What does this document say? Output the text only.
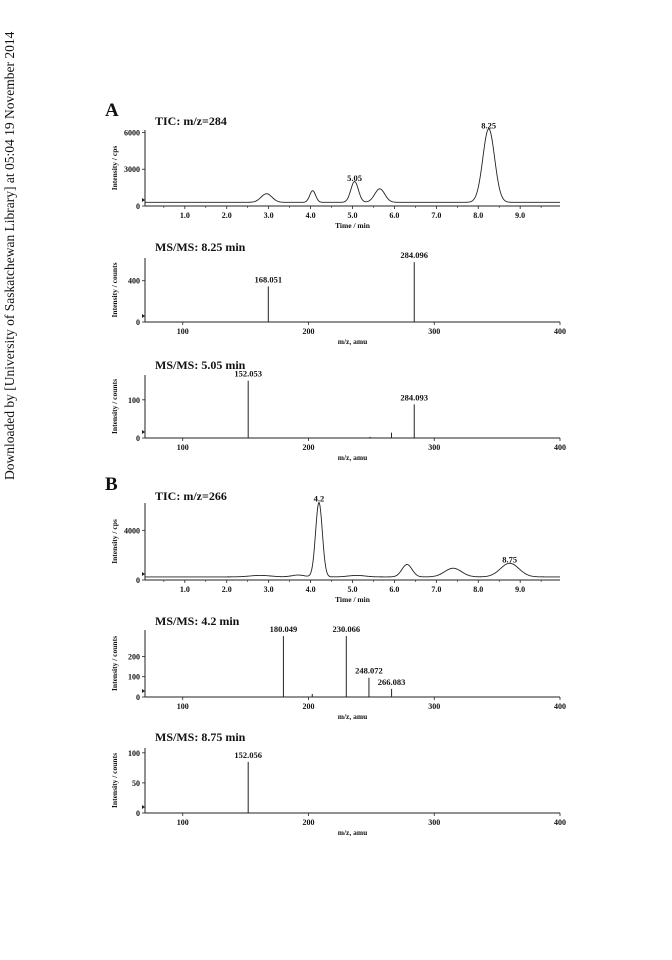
Downloaded by [University of Saskatchewan Library] at 05:04 19 November 2014	A
B
TIC: m/z=284
1.0	2.0	3.0	4.0	5.0	6.0	7.0	8.0	9.0
0
3000
6000
Time / min
Intensity / cps	5.05
8.25
MS/MS: 8.25 min
100	200	300	400
0
400
m/z, amu
Intensity / counts	168.051
284.096
MS/MS: 5.05 min
100	200	300	400
0
100
m/z, amu
Intensity / counts
152.053
284.093
TIC: m/z=266
1.0	2.0	3.0	4.0	5.0	6.0	7.0	8.0	9.0
0
4000
Time / min
Intensity / cps
4.2
8.75
MS/MS: 4.2 min
100	200	300	400
0
100
200
m/z, amu
Intensity / counts
180.049	230.066
248.072
266.083
MS/MS: 8.75 min
100	200	300	400
0
50
100
m/z, amu
Intensity / counts	152.056
